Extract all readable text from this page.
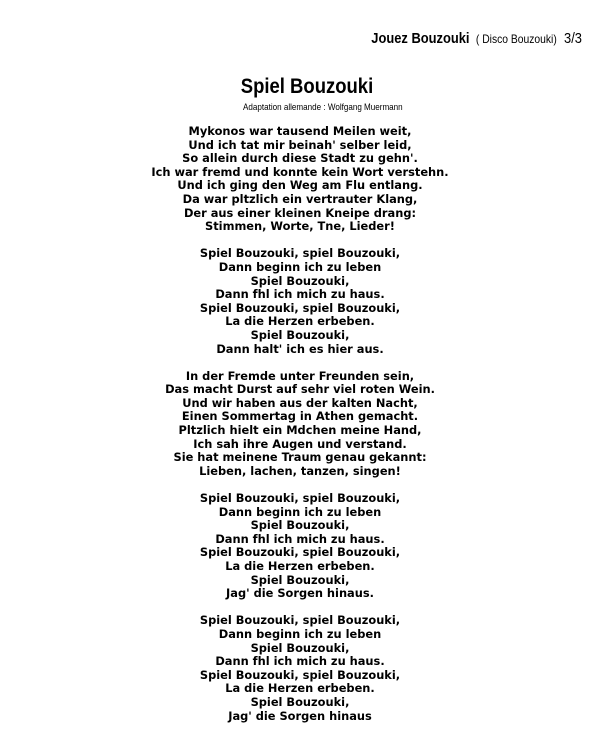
Jouez Bouzouki ( Disco Bouzouki) 3/3
Spiel Bouzouki
Adaptation allemande : Wolfgang Muermann
Mykonos war tausend Meilen weit,
Und ich tat mir beinah' selber leid,
So allein durch diese Stadt zu gehn'.
Ich war fremd und konnte kein Wort verstehn.
Und ich ging den Weg am Flu entlang.
Da war pltzlich ein vertrauter Klang,
Der aus einer kleinen Kneipe drang:
Stimmen, Worte, Tne, Lieder!
Spiel Bouzouki, spiel Bouzouki,
Dann beginn ich zu leben
Spiel Bouzouki,
Dann fhl ich mich zu haus.
Spiel Bouzouki, spiel Bouzouki,
La die Herzen erbeben.
Spiel Bouzouki,
Dann halt' ich es hier aus.
In der Fremde unter Freunden sein,
Das macht Durst auf sehr viel roten Wein.
Und wir haben aus der kalten Nacht,
Einen Sommertag in Athen gemacht.
Pltzlich hielt ein Mdchen meine Hand,
Ich sah ihre Augen und verstand.
Sie hat meinene Traum genau gekannt:
Lieben, lachen, tanzen, singen!
Spiel Bouzouki, spiel Bouzouki,
Dann beginn ich zu leben
Spiel Bouzouki,
Dann fhl ich mich zu haus.
Spiel Bouzouki, spiel Bouzouki,
La die Herzen erbeben.
Spiel Bouzouki,
Jag' die Sorgen hinaus.
Spiel Bouzouki, spiel Bouzouki,
Dann beginn ich zu leben
Spiel Bouzouki,
Dann fhl ich mich zu haus.
Spiel Bouzouki, spiel Bouzouki,
La die Herzen erbeben.
Spiel Bouzouki,
Jag' die Sorgen hinaus
